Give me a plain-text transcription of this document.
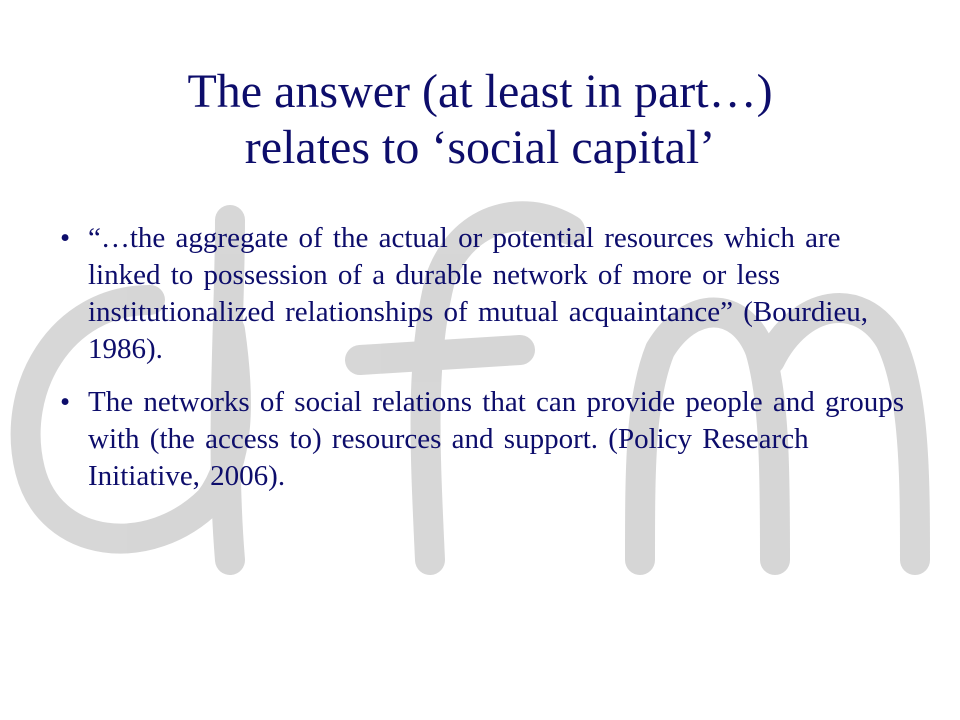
The answer (at least in part…)
relates to ‘social capital’
• “…the aggregate of the actual or potential resources which are linked to possession of a durable network of more or less institutionalized relationships of mutual acquaintance” (Bourdieu, 1986).
• The networks of social relations that can provide people and groups with (the access to) resources and support. (Policy Research Initiative, 2006).
